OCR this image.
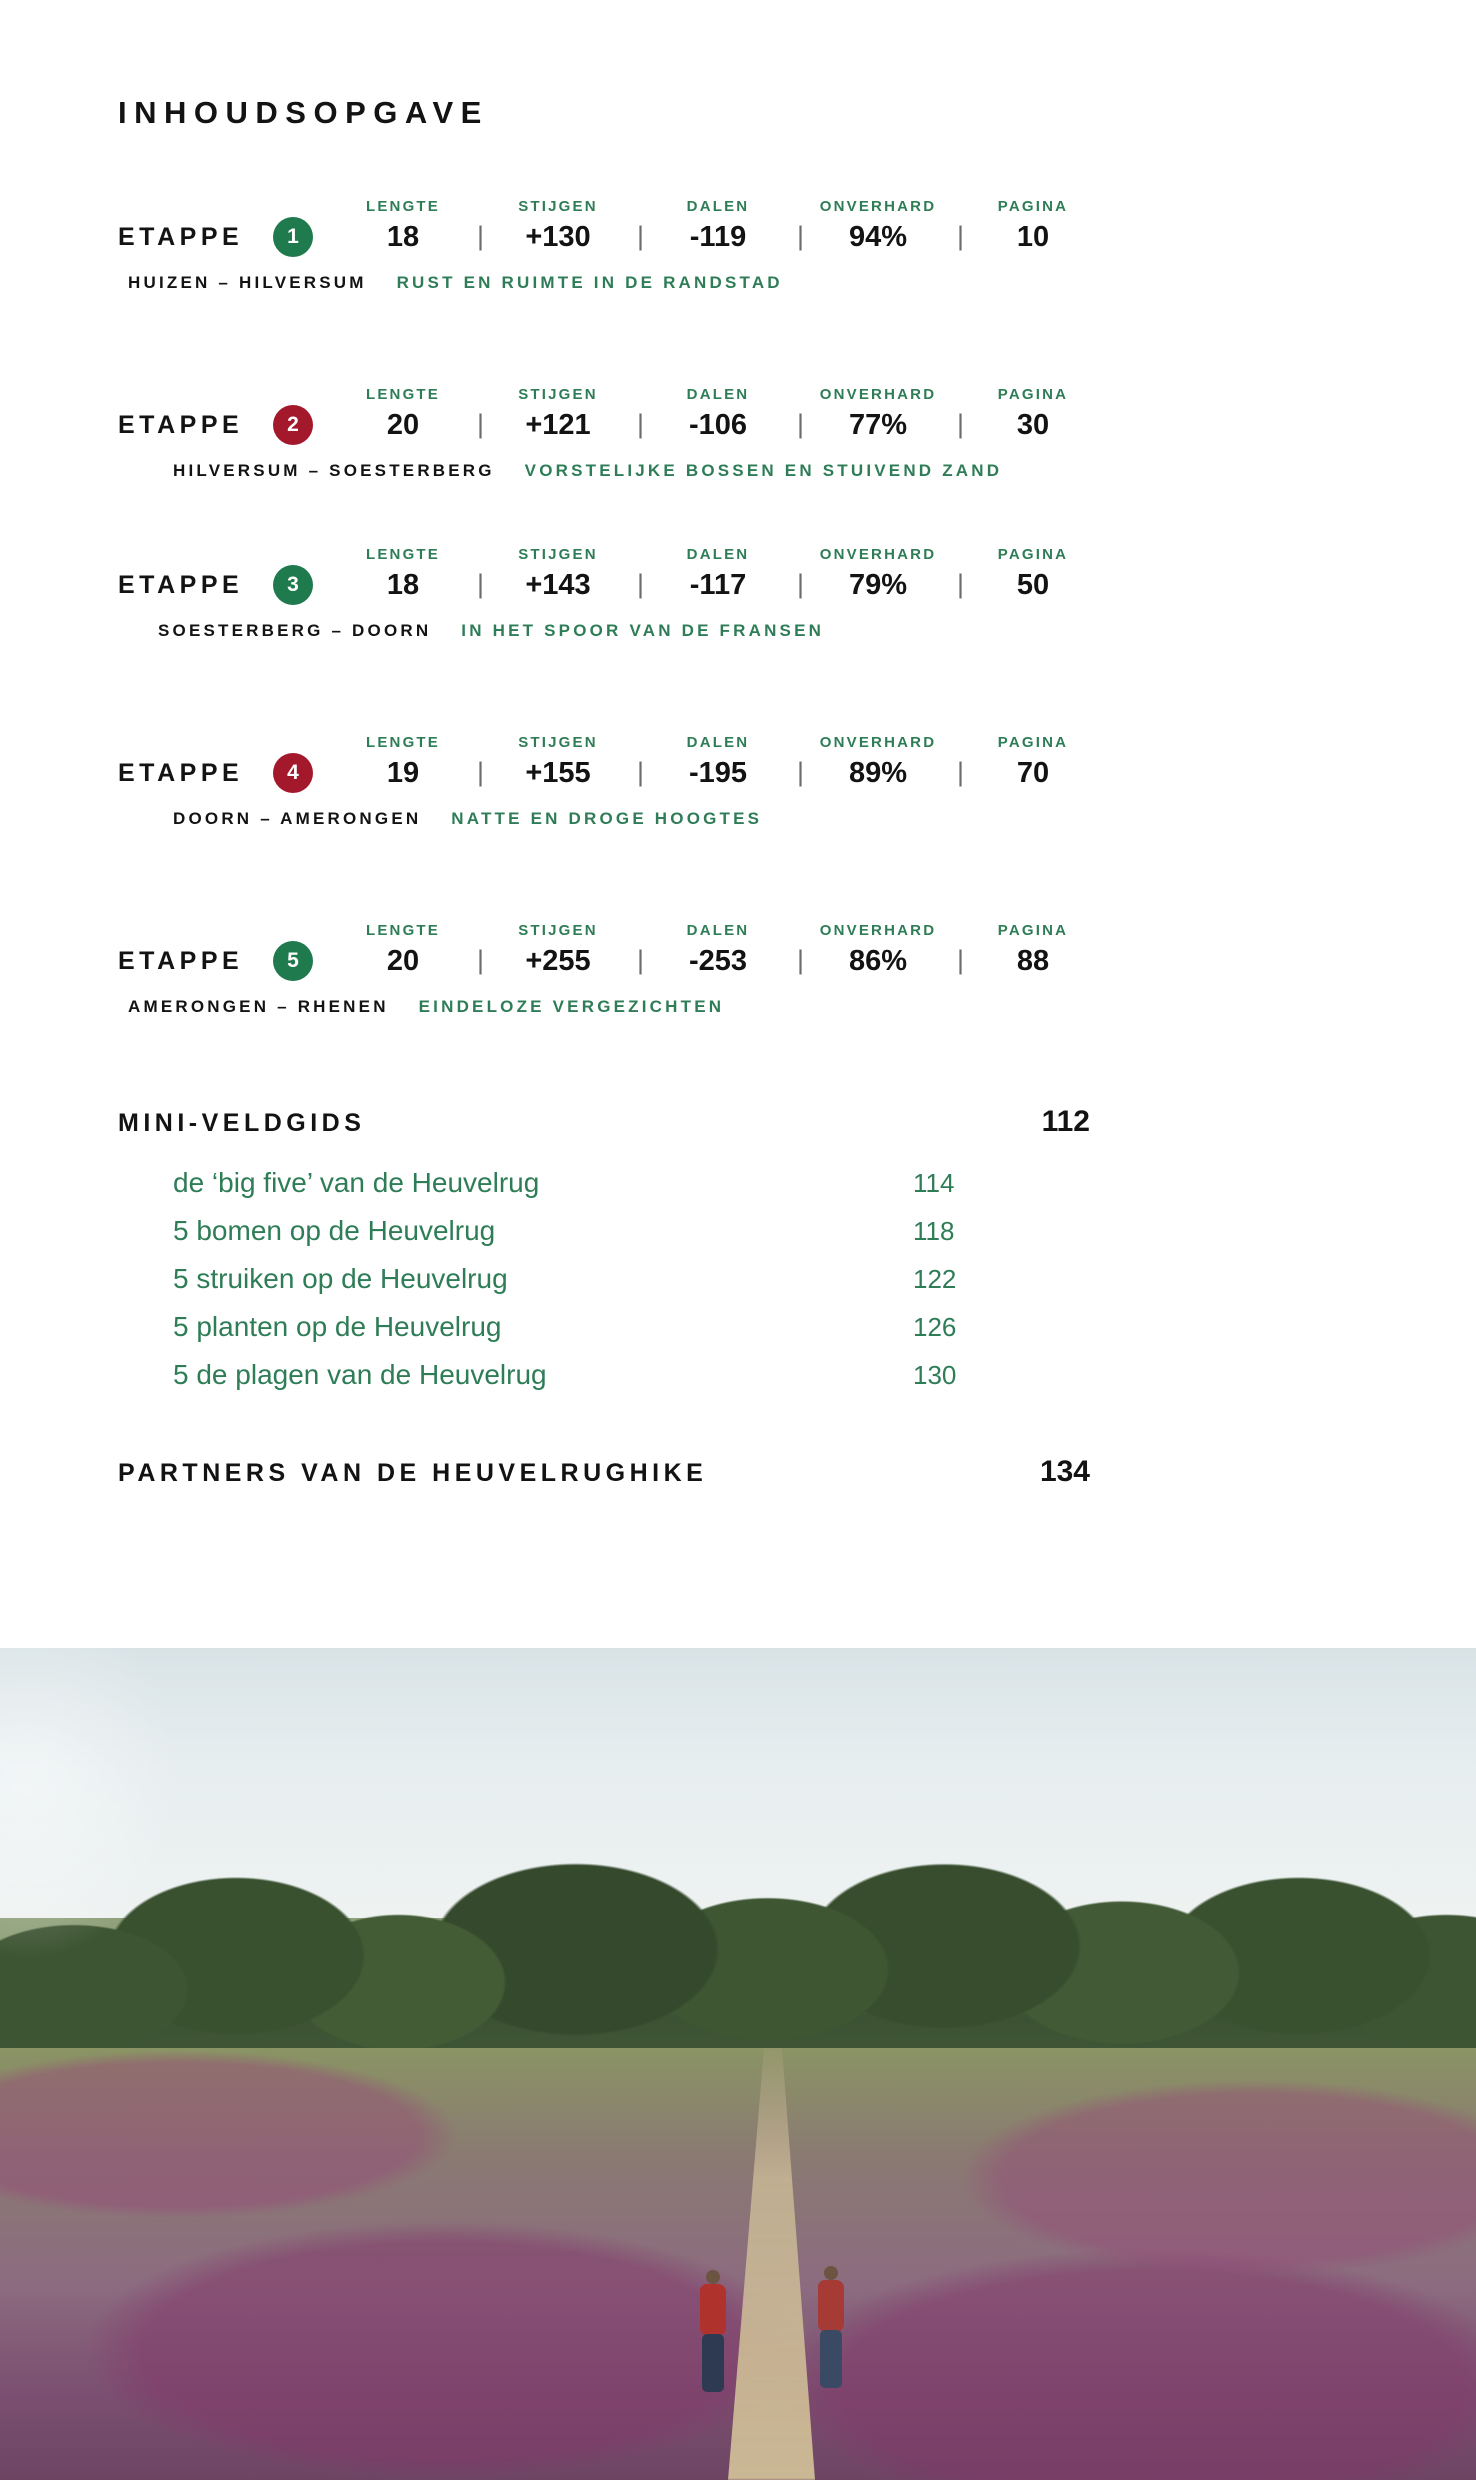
INHOUDSOPGAVE
LENGTE	STIJGEN	DALEN	ONVERHARD	PAGINA
ETAPPE	1	18 |	+130 |	-119 |	94% |	10
HUIZEN – HILVERSUM RUST EN RUIMTE IN DE RANDSTAD
LENGTE	STIJGEN	DALEN	ONVERHARD	PAGINA
ETAPPE	2	20 |	+121 |	-106 |	77% |	30
HILVERSUM – SOESTERBERG VORSTELIJKE BOSSEN EN STUIVEND ZAND
LENGTE	STIJGEN	DALEN	ONVERHARD	PAGINA
ETAPPE	3	18 |	+143 |	-117 |	79% |	50
SOESTERBERG – DOORN IN HET SPOOR VAN DE FRANSEN
LENGTE	STIJGEN	DALEN	ONVERHARD	PAGINA
ETAPPE	4	19 |	+155 |	-195 |	89% |	70
DOORN – AMERONGEN NATTE EN DROGE HOOGTES
LENGTE	STIJGEN	DALEN	ONVERHARD	PAGINA
ETAPPE	5	20 |	+255 |	-253 |	86% |	88
AMERONGEN – RHENEN EINDELOZE VERGEZICHTEN
MINI-VELDGIDS	112
de ‘big five’ van de Heuvelrug	114
5 bomen op de Heuvelrug	118
5 struiken op de Heuvelrug	122
5 planten op de Heuvelrug	126
5 de plagen van de Heuvelrug	130
PARTNERS VAN DE HEUVELRUGHIKE	134
